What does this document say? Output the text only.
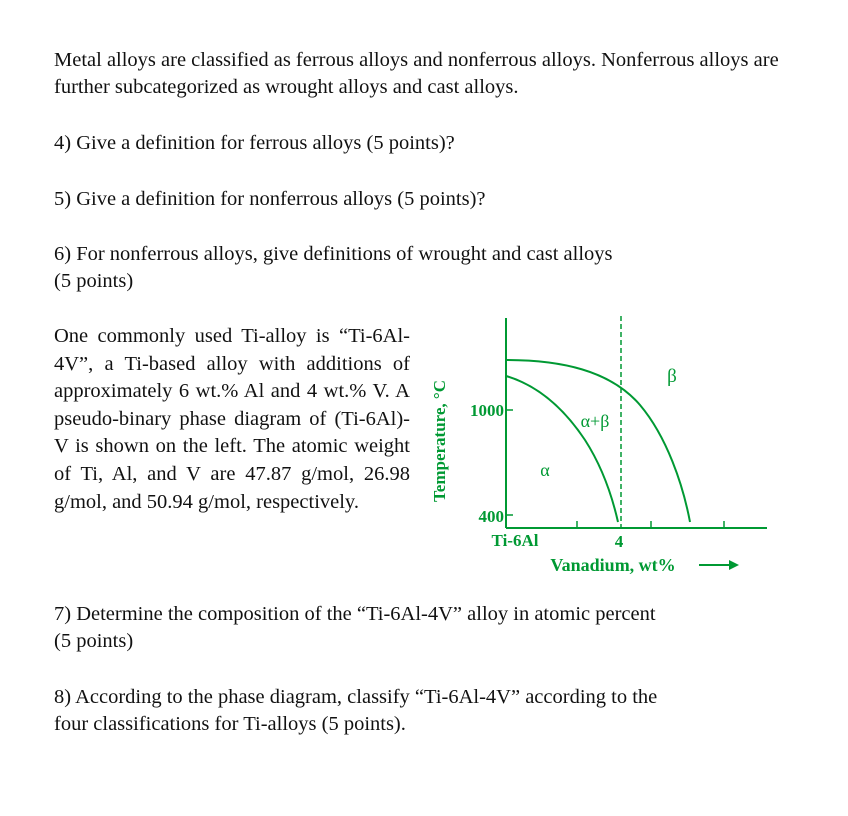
Metal alloys are classified as ferrous alloys and nonferrous alloys. Nonferrous alloys are further subcategorized as wrought alloys and cast alloys.

4) Give a definition for ferrous alloys (5 points)?

5) Give a definition for nonferrous alloys (5 points)?

6) For nonferrous alloys, give definitions of wrought and cast alloys
(5 points)

One commonly used Ti-alloy is “Ti-6Al-4V”, a Ti-based alloy with additions of approximately 6 wt.% Al and 4 wt.% V. A pseudo-binary phase diagram of (Ti-6Al)-V is shown on the left. The atomic weight of Ti, Al, and V are 47.87 g/mol, 26.98 g/mol, and 50.94 g/mol, respectively.	Temperature, °C 1000
400
Ti-6Al	4
Vanadium, wt%
α
α+β
β
7) Determine the composition of the “Ti-6Al-4V” alloy in atomic percent
(5 points)
8) According to the phase diagram, classify “Ti-6Al-4V” according to the
four classifications for Ti-alloys (5 points).
